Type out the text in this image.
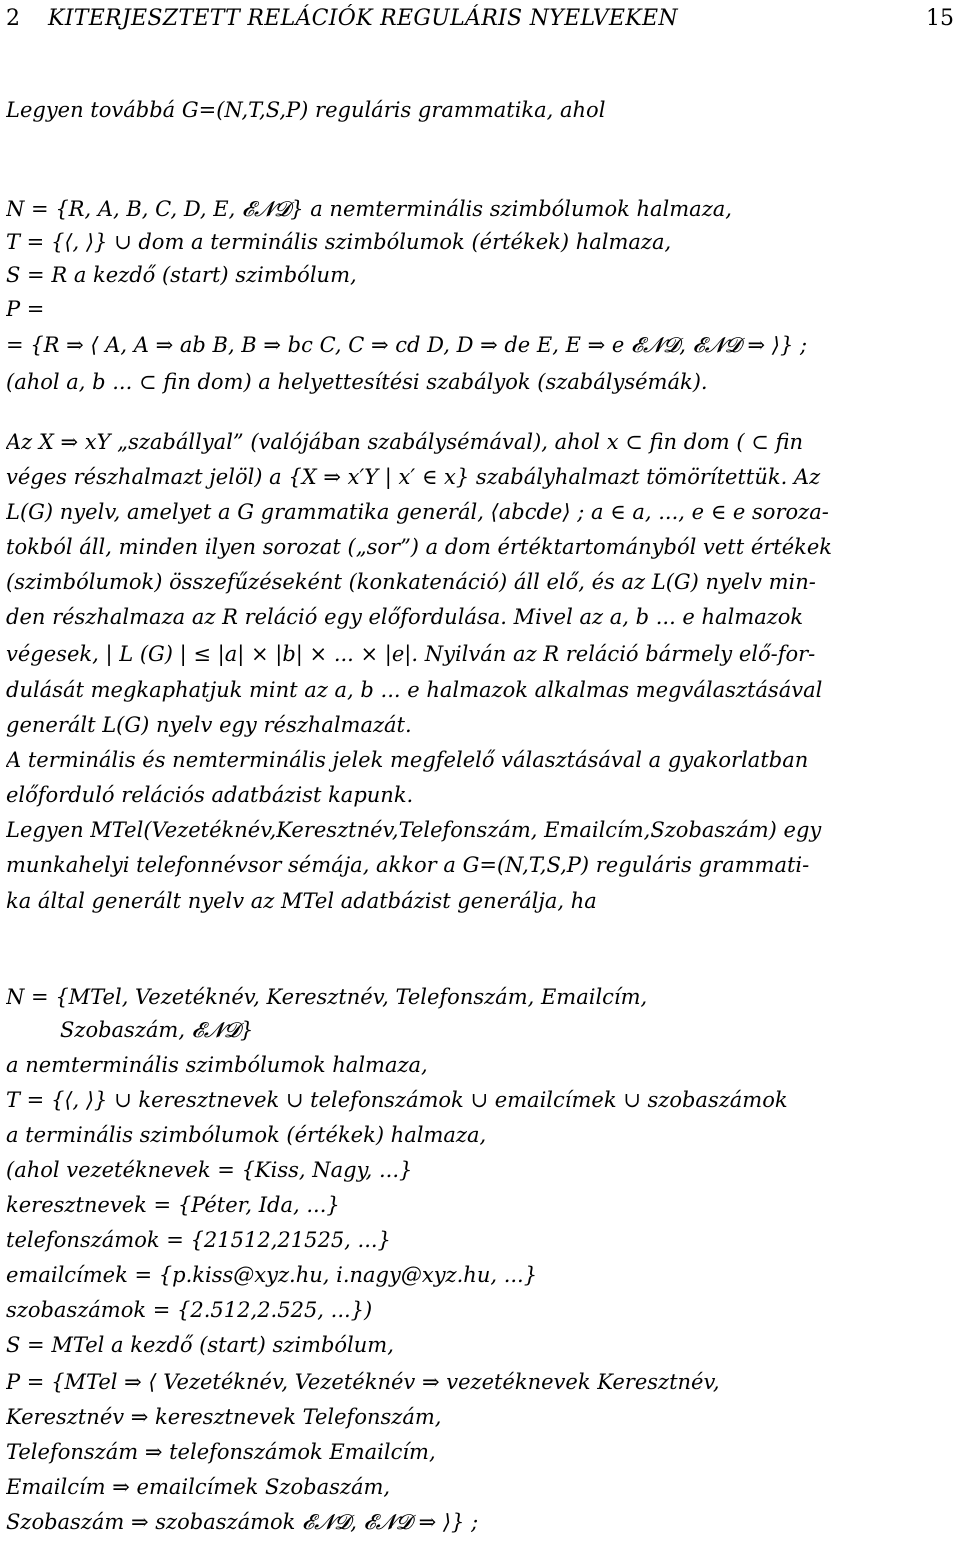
2 KITERJESZTETT RELÁCIÓK REGULÁRIS NYELVEKEN	15
Legyen továbbá G=(N,T,S,P) reguláris grammatika, ahol
N = {R, A, B, C, D, E, 𝓔𝓝𝓓} a nemterminális szimbólumok halmaza,
T = {⟨, ⟩} ∪ dom a terminális szimbólumok (értékek) halmaza,
S = R a kezdő (start) szimbólum,
P =
= {R ⇒ ⟨ A, A ⇒ ab B, B ⇒ bc C, C ⇒ cd D, D ⇒ de E, E ⇒ e 𝓔𝓝𝓓, 𝓔𝓝𝓓 ⇒ ⟩} ;
(ahol a, b ... ⊂ fin dom) a helyettesítési szabályok (szabálysémák).
Az X ⇒ xY „szabállyal” (valójában szabálysémával), ahol x ⊂ fin dom ( ⊂ fin
véges részhalmazt jelöl) a {X ⇒ x′Y | x′ ∈ x} szabályhalmazt tömörítettük. Az
L(G) nyelv, amelyet a G grammatika generál, ⟨abcde⟩ ; a ∈ a, ..., e ∈ e soroza-
tokból áll, minden ilyen sorozat („sor”) a dom értéktartományból vett értékek
(szimbólumok) összefűzéseként (konkatenáció) áll elő, és az L(G) nyelv min-
den részhalmaza az R reláció egy előfordulása. Mivel az a, b ... e halmazok
végesek, | L (G) | ≤ |a| × |b| × ... × |e|. Nyilván az R reláció bármely elő-for-
dulását megkaphatjuk mint az a, b ... e halmazok alkalmas megválasztásával
generált L(G) nyelv egy részhalmazát.
A terminális és nemterminális jelek megfelelő választásával a gyakorlatban
előforduló relációs adatbázist kapunk.
Legyen MTel(Vezetéknév,Keresztnév,Telefonszám, Emailcím,Szobaszám) egy
munkahelyi telefonnévsor sémája, akkor a G=(N,T,S,P) reguláris grammati-
ka által generált nyelv az MTel adatbázist generálja, ha
N = {MTel, Vezetéknév, Keresztnév, Telefonszám, Emailcím,
Szobaszám, 𝓔𝓝𝓓}
a nemterminális szimbólumok halmaza,
T = {⟨, ⟩} ∪ keresztnevek ∪ telefonszámok ∪ emailcímek ∪ szobaszámok
a terminális szimbólumok (értékek) halmaza,
(ahol vezetéknevek = {Kiss, Nagy, ...}
keresztnevek = {Péter, Ida, ...}
telefonszámok = {21512,21525, ...}
emailcímek = {p.kiss@xyz.hu, i.nagy@xyz.hu, ...}
szobaszámok = {2.512,2.525, ...})
S = MTel a kezdő (start) szimbólum,
P = {MTel ⇒ ⟨ Vezetéknév, Vezetéknév ⇒ vezetéknevek Keresztnév,
Keresztnév ⇒ keresztnevek Telefonszám,
Telefonszám ⇒ telefonszámok Emailcím,
Emailcím ⇒ emailcímek Szobaszám,
Szobaszám ⇒ szobaszámok 𝓔𝓝𝓓, 𝓔𝓝𝓓 ⇒ ⟩} ;
